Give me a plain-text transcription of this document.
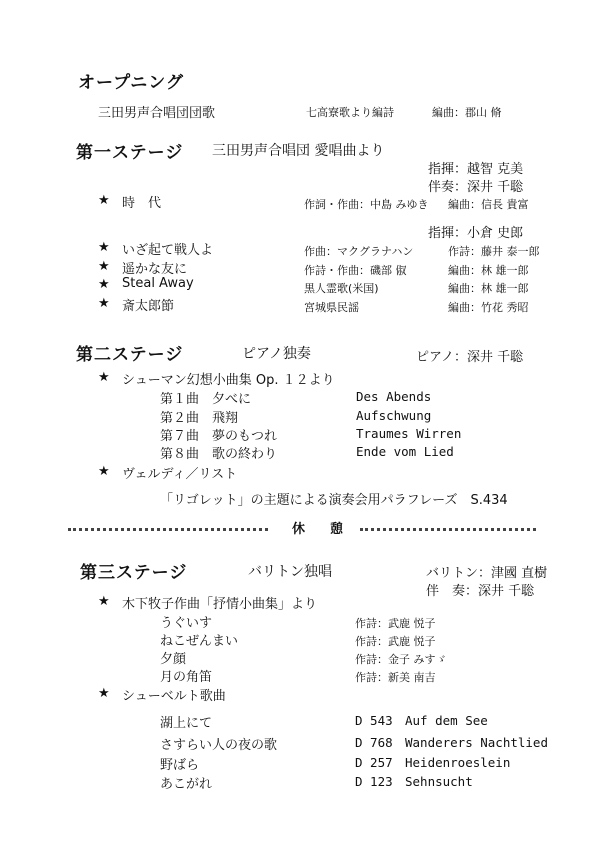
オープニング
三田男声合唱団団歌	七高寮歌より編詩	編曲：郡山 脩
第一ステージ 三田男声合唱団 愛唱曲より
指揮：越智 克美
伴奏：深井 千聡
★ 時　代	作詞・作曲：中島 みゆき 編曲：信長 貴富
指揮：小倉 史郎
★ いざ起て戦人よ	作曲：マクグラナハン	作詩：藤井 泰一郎
★ 遥かな友に	作詩・作曲：磯部 俶	編曲：林 雄一郎
★ Steal Away	黒人霊歌(米国)	編曲：林 雄一郎
★ 斎太郎節	宮城県民謡	編曲：竹花 秀昭
第二ステージ	ピアノ独奏	ピアノ：深井 千聡
★ シューマン幻想小曲集 Op. １２より
第１曲 夕べに	Des Abends
第２曲 飛翔	Aufschwung
第７曲 夢のもつれ	Traumes Wirren
第８曲 歌の終わり	Ende vom Lied
★ ヴェルディ／リスト
「リゴレット」の主題による演奏会用パラフレーズ　S.434
休　憩
第三ステージ	バリトン独唱	バリトン：津國 直樹
伴　奏：深井 千聡
★ 木下牧子作曲「抒情小曲集」より
うぐいす	作詩：武鹿 悦子
ねこぜんまい	作詩：武鹿 悦子
夕顔	作詩：金子 みすゞ
月の角笛	作詩：新美 南吉
★ シューベルト歌曲
湖上にて	D 543 Auf dem See
さすらい人の夜の歌	D 768 Wanderers Nachtlied
野ばら	D 257 Heidenroeslein
あこがれ	D 123 Sehnsucht
